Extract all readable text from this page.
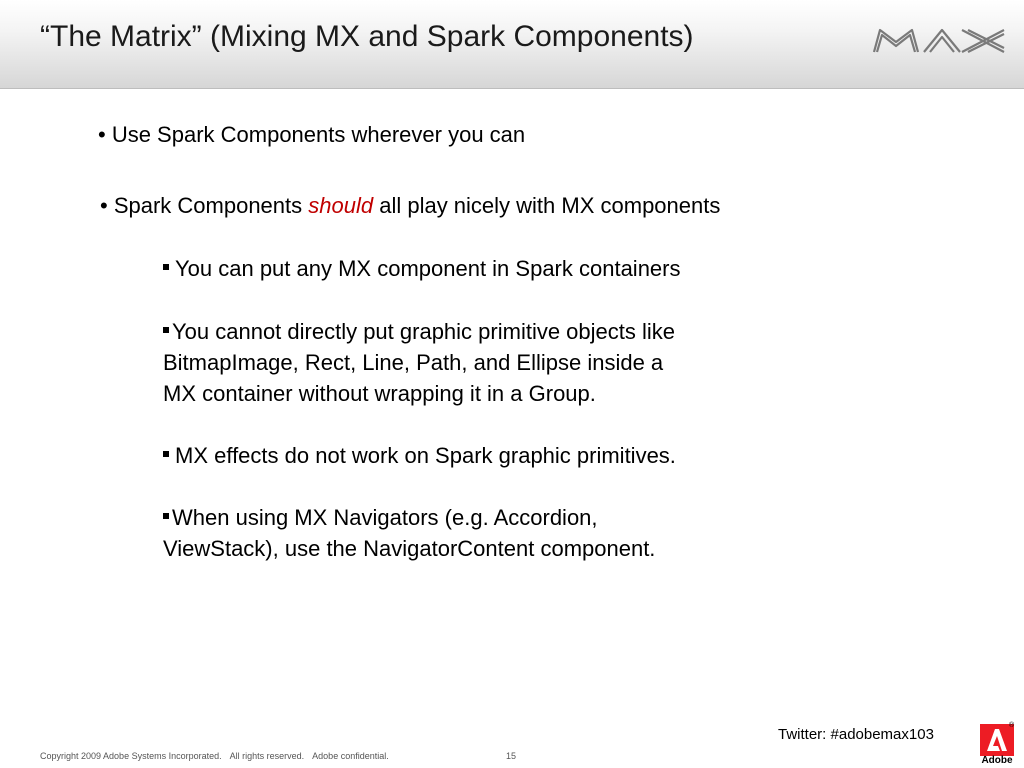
“The Matrix” (Mixing MX and Spark Components)
• Use Spark Components wherever you can
• Spark Components should all play nicely with MX components
You can put any MX component in Spark containers
You cannot directly put graphic primitive objects like
BitmapImage, Rect, Line, Path, and Ellipse inside a
MX container without wrapping it in a Group.
MX effects do not work on Spark graphic primitives.
When using MX Navigators (e.g. Accordion,
ViewStack), use the NavigatorContent component.
Twitter: #adobemax103
Copyright 2009 Adobe Systems Incorporated. All rights reserved. Adobe confidential.	15
®
Adobe
